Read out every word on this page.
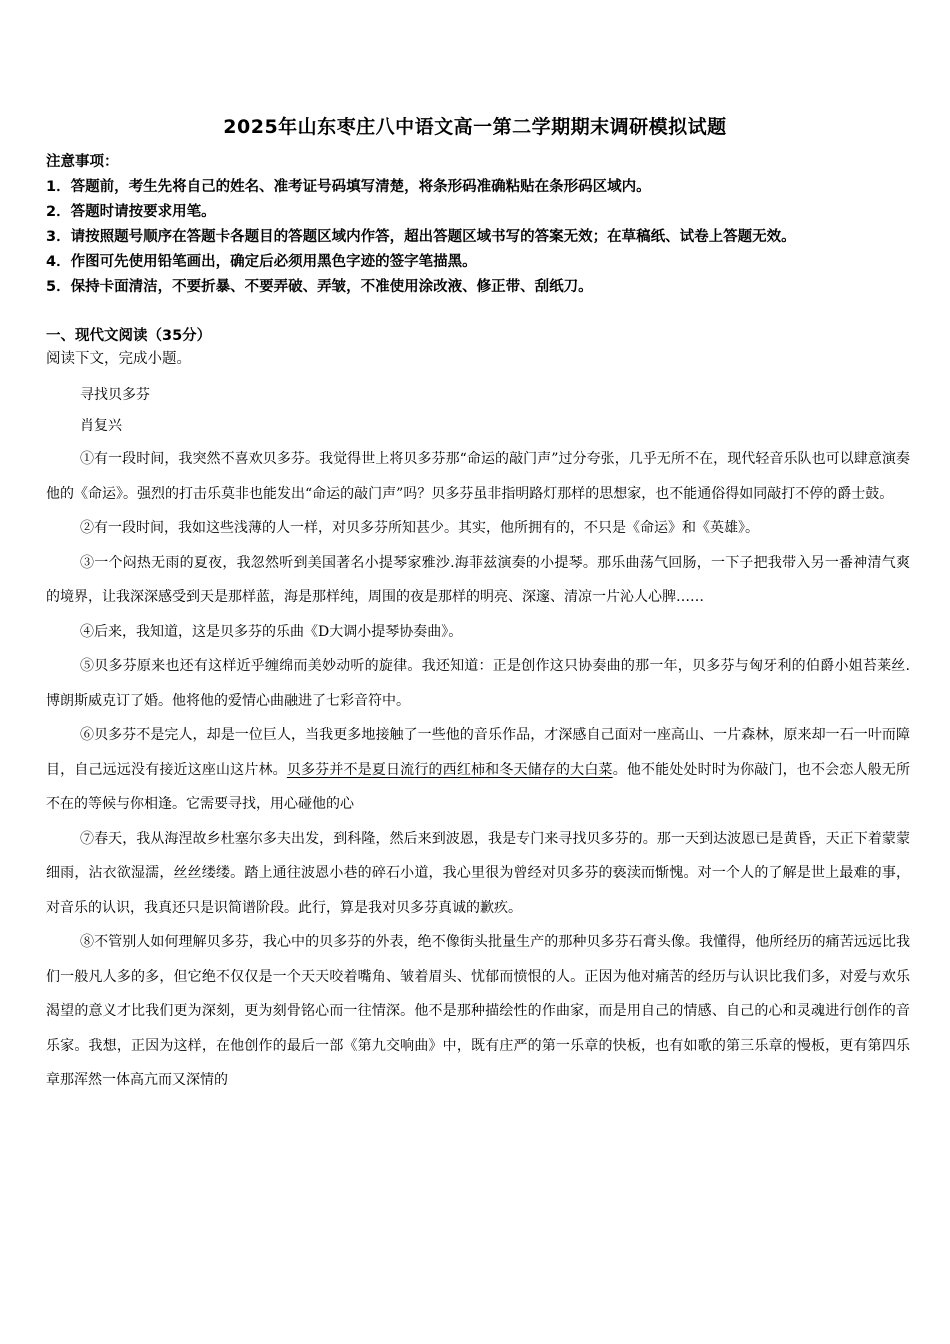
2025年山东枣庄八中语文高一第二学期期末调研模拟试题
注意事项：
1．答题前，考生先将自己的姓名、准考证号码填写清楚，将条形码准确粘贴在条形码区域内。
2．答题时请按要求用笔。
3．请按照题号顺序在答题卡各题目的答题区域内作答，超出答题区域书写的答案无效；在草稿纸、试卷上答题无效。
4．作图可先使用铅笔画出，确定后必须用黑色字迹的签字笔描黑。
5．保持卡面清洁，不要折暴、不要弄破、弄皱，不准使用涂改液、修正带、刮纸刀。
一、现代文阅读（35分）
阅读下文，完成小题。
寻找贝多芬
肖复兴

①有一段时间，我突然不喜欢贝多芬。我觉得世上将贝多芬那“命运的敲门声”过分夸张，几乎无所不在，现代轻音乐队也可以肆意演奏他的《命运》。强烈的打击乐莫非也能发出“命运的敲门声”吗？贝多芬虽非指明路灯那样的思想家，也不能通俗得如同敲打不停的爵士鼓。

②有一段时间，我如这些浅薄的人一样，对贝多芬所知甚少。其实，他所拥有的，不只是《命运》和《英雄》。

③一个闷热无雨的夏夜，我忽然听到美国著名小提琴家雅沙.海菲兹演奏的小提琴。那乐曲荡气回肠，一下子把我带入另一番神清气爽的境界，让我深深感受到天是那样蓝，海是那样纯，周围的夜是那样的明亮、深邃、清凉一片沁人心脾……

④后来，我知道，这是贝多芬的乐曲《D大调小提琴协奏曲》。

⑤贝多芬原来也还有这样近乎缠绵而美妙动听的旋律。我还知道：正是创作这只协奏曲的那一年，贝多芬与匈牙利的伯爵小姐苔莱丝.博朗斯威克订了婚。他将他的爱情心曲融进了七彩音符中。

⑥贝多芬不是完人，却是一位巨人，当我更多地接触了一些他的音乐作品，才深感自己面对一座高山、一片森林，原来却一石一叶而障目，自己远远没有接近这座山这片林。贝多芬并不是夏日流行的西红柿和冬天储存的大白菜。他不能处处时时为你敲门，也不会恋人般无所不在的等候与你相逢。它需要寻找，用心碰他的心

⑦春天，我从海涅故乡杜塞尔多夫出发，到科隆，然后来到波恩，我是专门来寻找贝多芬的。那一天到达波恩已是黄昏，天正下着蒙蒙细雨，沾衣欲湿濡，丝丝缕缕。踏上通往波恩小巷的碎石小道，我心里很为曾经对贝多芬的亵渎而惭愧。对一个人的了解是世上最难的事，对音乐的认识，我真还只是识简谱阶段。此行，算是我对贝多芬真诚的歉疚。

⑧不管别人如何理解贝多芬，我心中的贝多芬的外表，绝不像街头批量生产的那种贝多芬石膏头像。我懂得，他所经历的痛苦远远比我们一般凡人多的多，但它绝不仅仅是一个天天咬着嘴角、皱着眉头、忧郁而愤恨的人。正因为他对痛苦的经历与认识比我们多，对爱与欢乐渴望的意义才比我们更为深刻，更为刻骨铭心而一往情深。他不是那种描绘性的作曲家，而是用自己的情感、自己的心和灵魂进行创作的音乐家。我想，正因为这样，在他创作的最后一部《第九交响曲》中，既有庄严的第一乐章的快板，也有如歌的第三乐章的慢板，更有第四乐章那浑然一体高亢而又深情的
